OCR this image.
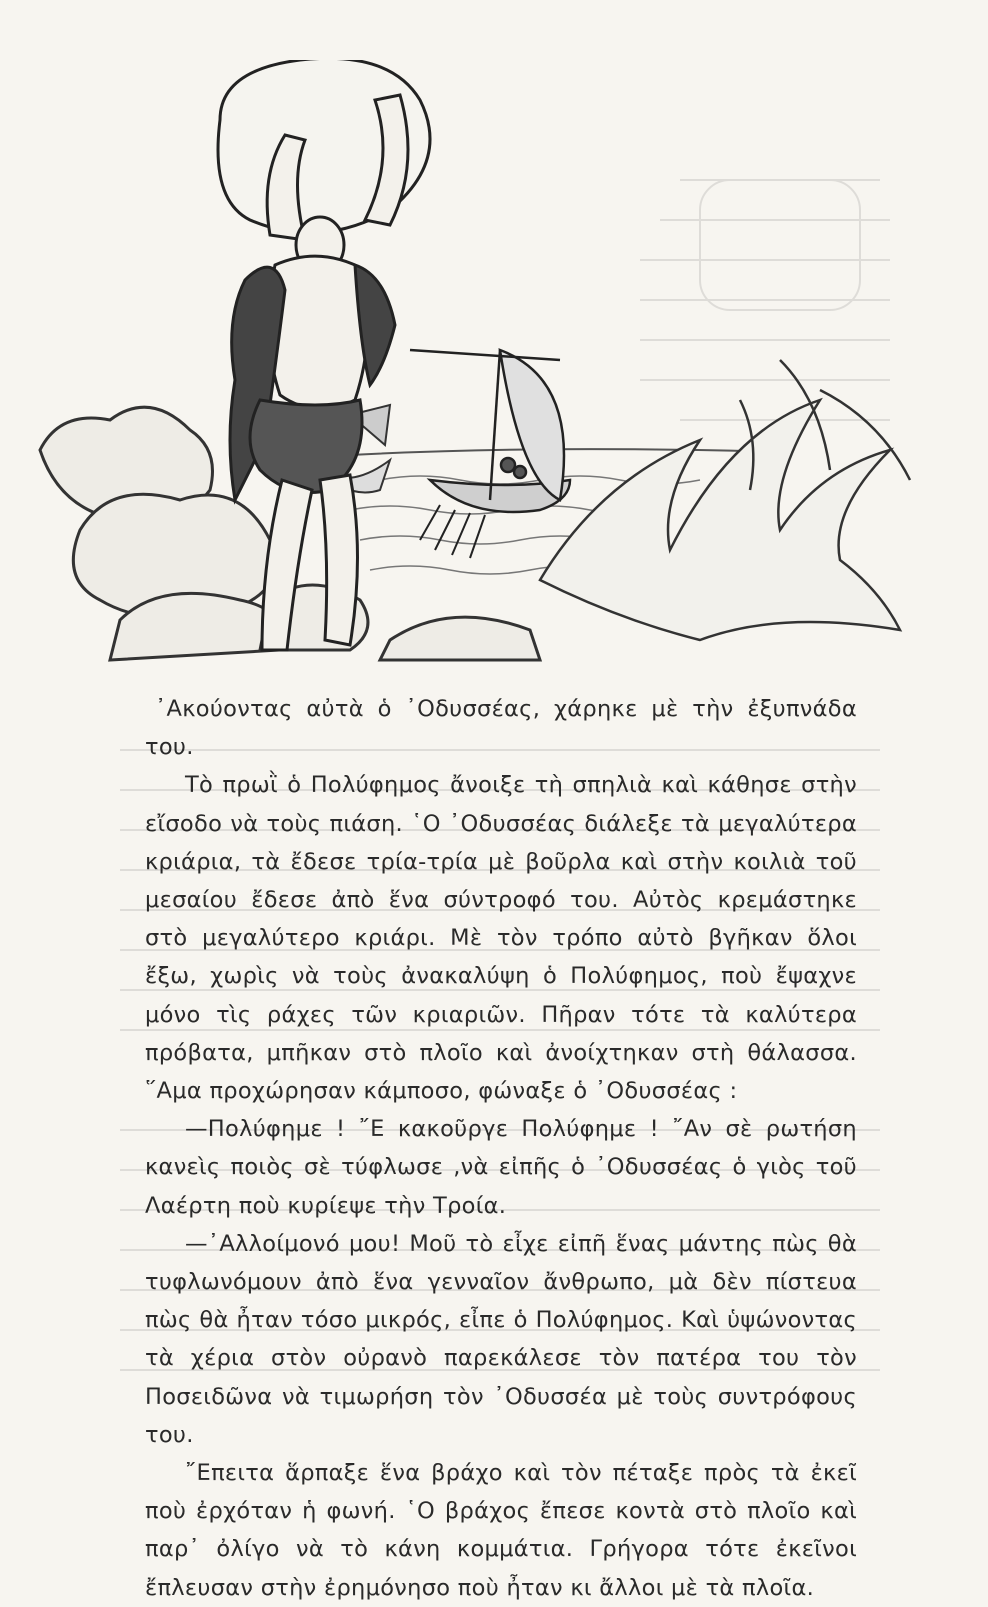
᾿Ακούοντας αὐτὰ ὁ ᾿Οδυσσέας, χάρηκε μὲ τὴν ἐξυπνάδα του.

Τὸ πρωῒ ὁ Πολύφημος ἄνοιξε τὴ σπηλιὰ καὶ κάθησε στὴν εἴσοδο νὰ τοὺς πιάση. ῾Ο ᾿Οδυσσέας διάλεξε τὰ μεγαλύτερα κριάρια, τὰ ἔδεσε τρία-τρία μὲ βοῦρλα καὶ στὴν κοιλιὰ τοῦ μεσαίου ἔδεσε ἀπὸ ἕνα σύντροφό του. Αὐτὸς κρεμάστηκε στὸ μεγαλύτερο κριάρι. Μὲ τὸν τρόπο αὐτὸ βγῆκαν ὅλοι ἔξω, χωρὶς νὰ τοὺς ἀνακαλύψη ὁ Πολύφημος, ποὺ ἔψαχνε μόνο τὶς ράχες τῶν κριαριῶν. Πῆραν τότε τὰ καλύτερα πρόβατα, μπῆκαν στὸ πλοῖο καὶ ἀνοίχτηκαν στὴ θάλασσα. ῞Αμα προχώρησαν κάμποσο, φώναξε ὁ ᾿Οδυσσέας :

—Πολύφημε ! ῎Ε κακοῦργε Πολύφημε ! ῎Αν σὲ ρωτήση κανεὶς ποιὸς σὲ τύφλωσε ,νὰ εἰπῆς ὁ ᾿Οδυσσέας ὁ γιὸς τοῦ Λαέρτη ποὺ κυρίεψε τὴν Τροία.

—᾿Αλλοίμονό μου! Μοῦ τὸ εἶχε εἰπῆ ἕνας μάντης πὼς θὰ τυφλωνόμουν ἀπὸ ἕνα γενναῖον ἄνθρωπο, μὰ δὲν πίστευα πὼς θὰ ἦταν τόσο μικρός, εἶπε ὁ Πολύφημος. Καὶ ὑψώνοντας τὰ χέρια στὸν οὐρανὸ παρεκάλεσε τὸν πατέρα του τὸν Ποσειδῶνα νὰ τιμωρήση τὸν ᾿Οδυσσέα μὲ τοὺς συντρόφους του.

῎Επειτα ἅρπαξε ἕνα βράχο καὶ τὸν πέταξε πρὸς τὰ ἐκεῖ ποὺ ἐρχόταν ἡ φωνή. ῾Ο βράχος ἔπεσε κοντὰ στὸ πλοῖο καὶ παρ᾿ ὀλίγο νὰ τὸ κάνη κομμάτια. Γρήγορα τότε ἐκεῖνοι ἔπλευσαν στὴν ἐρημόνησο ποὺ ἦταν κι ἄλλοι μὲ τὰ πλοῖα.
